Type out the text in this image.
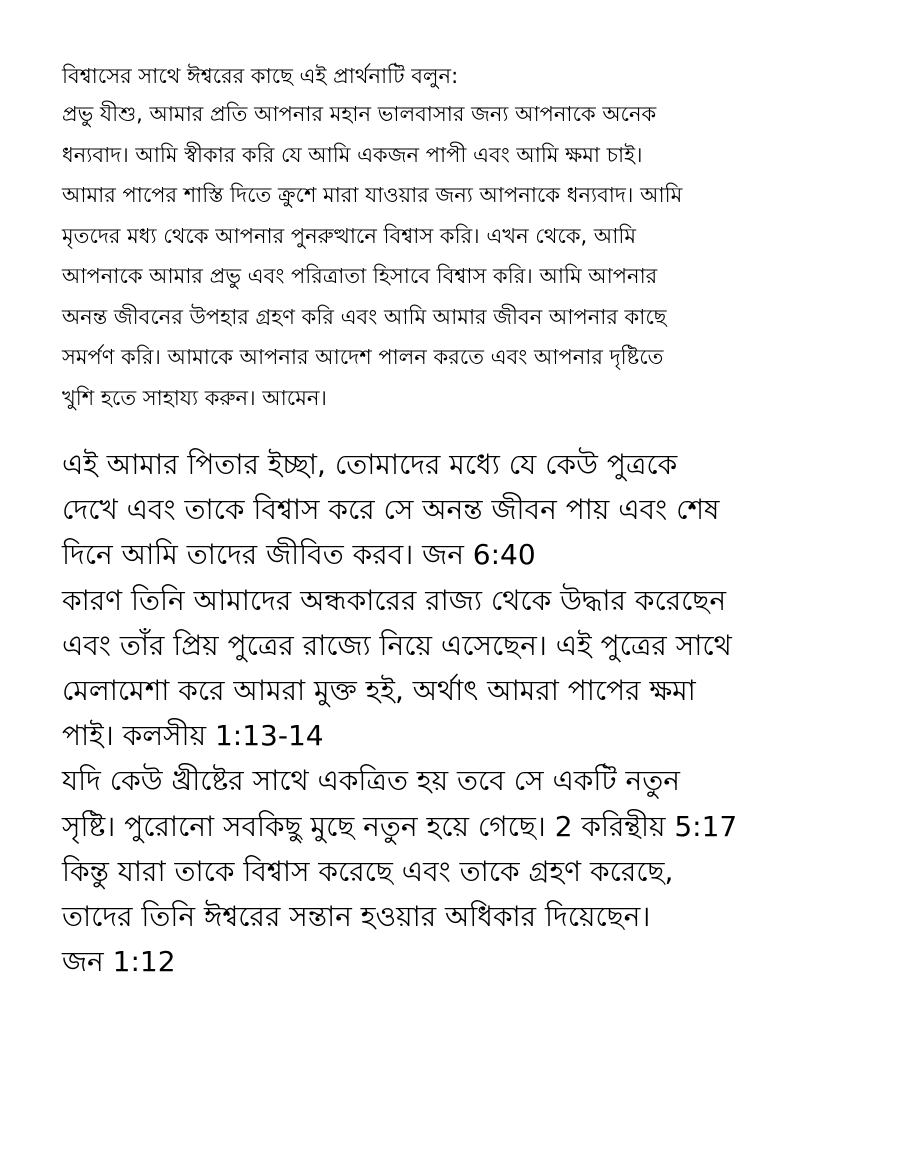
বিশ্বাসের সাথে ঈশ্বরের কাছে এই প্রার্থনাটি বলুন:

প্রভু যীশু, আমার প্রতি আপনার মহান ভালবাসার জন্য আপনাকে অনেক
ধন্যবাদ। আমি স্বীকার করি যে আমি একজন পাপী এবং আমি ক্ষমা চাই।
আমার পাপের শাস্তি দিতে ক্রুশে মারা যাওয়ার জন্য আপনাকে ধন্যবাদ। আমি
মৃতদের মধ্য থেকে আপনার পুনরুত্থানে বিশ্বাস করি। এখন থেকে, আমি
আপনাকে আমার প্রভু এবং পরিত্রাতা হিসাবে বিশ্বাস করি। আমি আপনার
অনন্ত জীবনের উপহার গ্রহণ করি এবং আমি আমার জীবন আপনার কাছে
সমর্পণ করি। আমাকে আপনার আদেশ পালন করতে এবং আপনার দৃষ্টিতে
খুশি হতে সাহায্য করুন। আমেন।
এই আমার পিতার ইচ্ছা, তোমাদের মধ্যে যে কেউ পুত্রকে
দেখে এবং তাকে বিশ্বাস করে সে অনন্ত জীবন পায় এবং শেষ
দিনে আমি তাদের জীবিত করব। জন 6:40
কারণ তিনি আমাদের অন্ধকারের রাজ্য থেকে উদ্ধার করেছেন
এবং তাঁর প্রিয় পুত্রের রাজ্যে নিয়ে এসেছেন। এই পুত্রের সাথে
মেলামেশা করে আমরা মুক্ত হই, অর্থাৎ আমরা পাপের ক্ষমা
পাই। কলসীয় 1:13-14
যদি কেউ খ্রীষ্টের সাথে একত্রিত হয় তবে সে একটি নতুন
সৃষ্টি। পুরোনো সবকিছু মুছে নতুন হয়ে গেছে। 2 করিন্থীয় 5:17
কিন্তু যারা তাকে বিশ্বাস করেছে এবং তাকে গ্রহণ করেছে,
তাদের তিনি ঈশ্বরের সন্তান হওয়ার অধিকার দিয়েছেন।
জন 1:12
